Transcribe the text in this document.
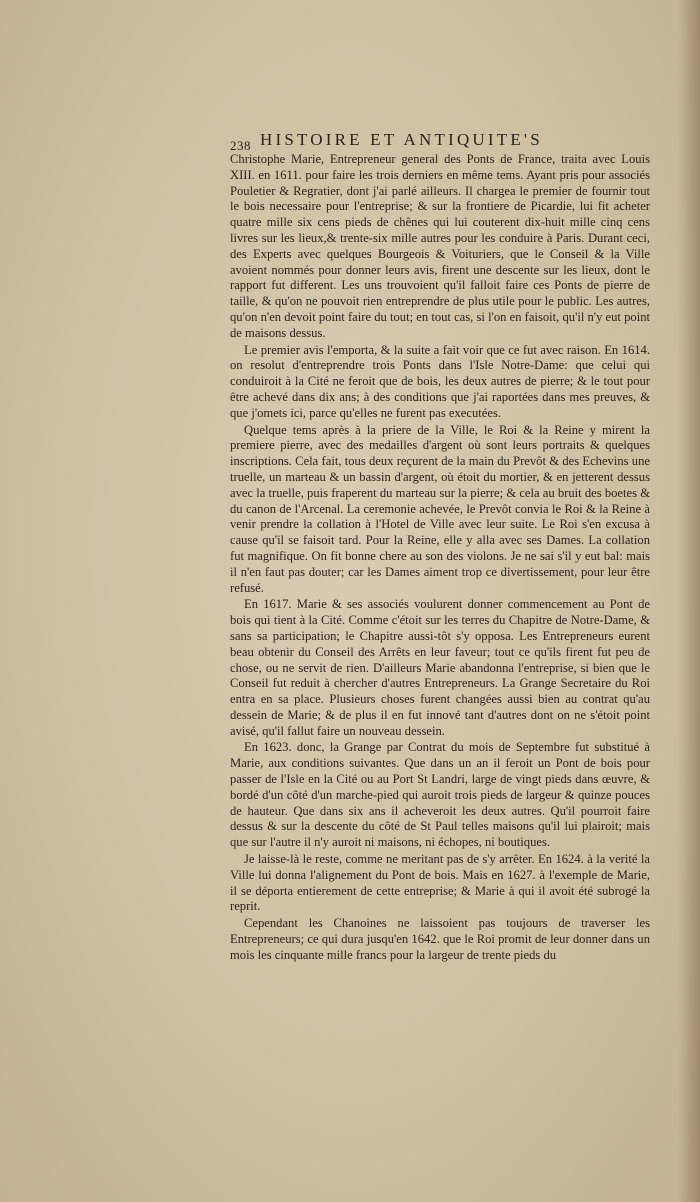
238 HISTOIRE ET ANTIQUITE'S

Christophe Marie, Entrepreneur general des Ponts de France, traita avec Louis XIII. en 1611. pour faire les trois derniers en même tems. Ayant pris pour associés Pouletier & Regratier, dont j'ai parlé ailleurs. Il chargea le premier de fournir tout le bois necessaire pour l'entreprise; & sur la frontiere de Picardie, lui fit acheter quatre mille six cens pieds de chênes qui lui couterent dix-huit mille cinq cens livres sur les lieux,& trente-six mille autres pour les conduire à Paris. Durant ceci, des Experts avec quelques Bourgeois & Voituriers, que le Conseil & la Ville avoient nommés pour donner leurs avis, firent une descente sur les lieux, dont le rapport fut different. Les uns trouvoient qu'il falloit faire ces Ponts de pierre de taille, & qu'on ne pouvoit rien entreprendre de plus utile pour le public. Les autres, qu'on n'en devoit point faire du tout; en tout cas, si l'on en faisoit, qu'il n'y eut point de maisons dessus.

Le premier avis l'emporta, & la suite a fait voir que ce fut avec raison. En 1614. on resolut d'entreprendre trois Ponts dans l'Isle Notre-Dame: que celui qui conduiroit à la Cité ne feroit que de bois, les deux autres de pierre; & le tout pour être achevé dans dix ans; à des conditions que j'ai raportées dans mes preuves, & que j'omets ici, parce qu'elles ne furent pas executées.

Quelque tems après à la priere de la Ville, le Roi & la Reine y mirent la premiere pierre, avec des medailles d'argent où sont leurs portraits & quelques inscriptions. Cela fait, tous deux reçurent de la main du Prevôt & des Echevins une truelle, un marteau & un bassin d'argent, où étoit du mortier, & en jetterent dessus avec la truelle, puis fraperent du marteau sur la pierre; & cela au bruit des boetes & du canon de l'Arcenal. La ceremonie achevée, le Prevôt convia le Roi & la Reine à venir prendre la collation à l'Hotel de Ville avec leur suite. Le Roi s'en excusa à cause qu'il se faisoit tard. Pour la Reine, elle y alla avec ses Dames. La collation fut magnifique. On fit bonne chere au son des violons. Je ne sai s'il y eut bal: mais il n'en faut pas douter; car les Dames aiment trop ce divertissement, pour leur être refusé.

En 1617. Marie & ses associés voulurent donner commencement au Pont de bois qui tient à la Cité. Comme c'étoit sur les terres du Chapitre de Notre-Dame, & sans sa participation; le Chapitre aussi-tôt s'y opposa. Les Entrepreneurs eurent beau obtenir du Conseil des Arrêts en leur faveur; tout ce qu'ils firent fut peu de chose, ou ne servit de rien. D'ailleurs Marie abandonna l'entreprise, si bien que le Conseil fut reduit à chercher d'autres Entrepreneurs. La Grange Secretaire du Roi entra en sa place. Plusieurs choses furent changées aussi bien au contrat qu'au dessein de Marie; & de plus il en fut innové tant d'autres dont on ne s'étoit point avisé, qu'il fallut faire un nouveau dessein.

En 1623. donc, la Grange par Contrat du mois de Septembre fut substitué à Marie, aux conditions suivantes. Que dans un an il feroit un Pont de bois pour passer de l'Isle en la Cité ou au Port St Landri, large de vingt pieds dans œuvre, & bordé d'un côté d'un marche-pied qui auroit trois pieds de largeur & quinze pouces de hauteur. Que dans six ans il acheveroit les deux autres. Qu'il pourroit faire dessus & sur la descente du côté de St Paul telles maisons qu'il lui plairoit; mais que sur l'autre il n'y auroit ni maisons, ni échopes, ni boutiques.

Je laisse-là le reste, comme ne meritant pas de s'y arrêter. En 1624. à la verité la Ville lui donna l'alignement du Pont de bois. Mais en 1627. à l'exemple de Marie, il se déporta entierement de cette entreprise; & Marie à qui il avoit été subrogé la reprit.

Cependant les Chanoines ne laissoient pas toujours de traverser les Entrepreneurs; ce qui dura jusqu'en 1642. que le Roi promit de leur donner dans un mois les cinquante mille francs pour la largeur de trente pieds du
